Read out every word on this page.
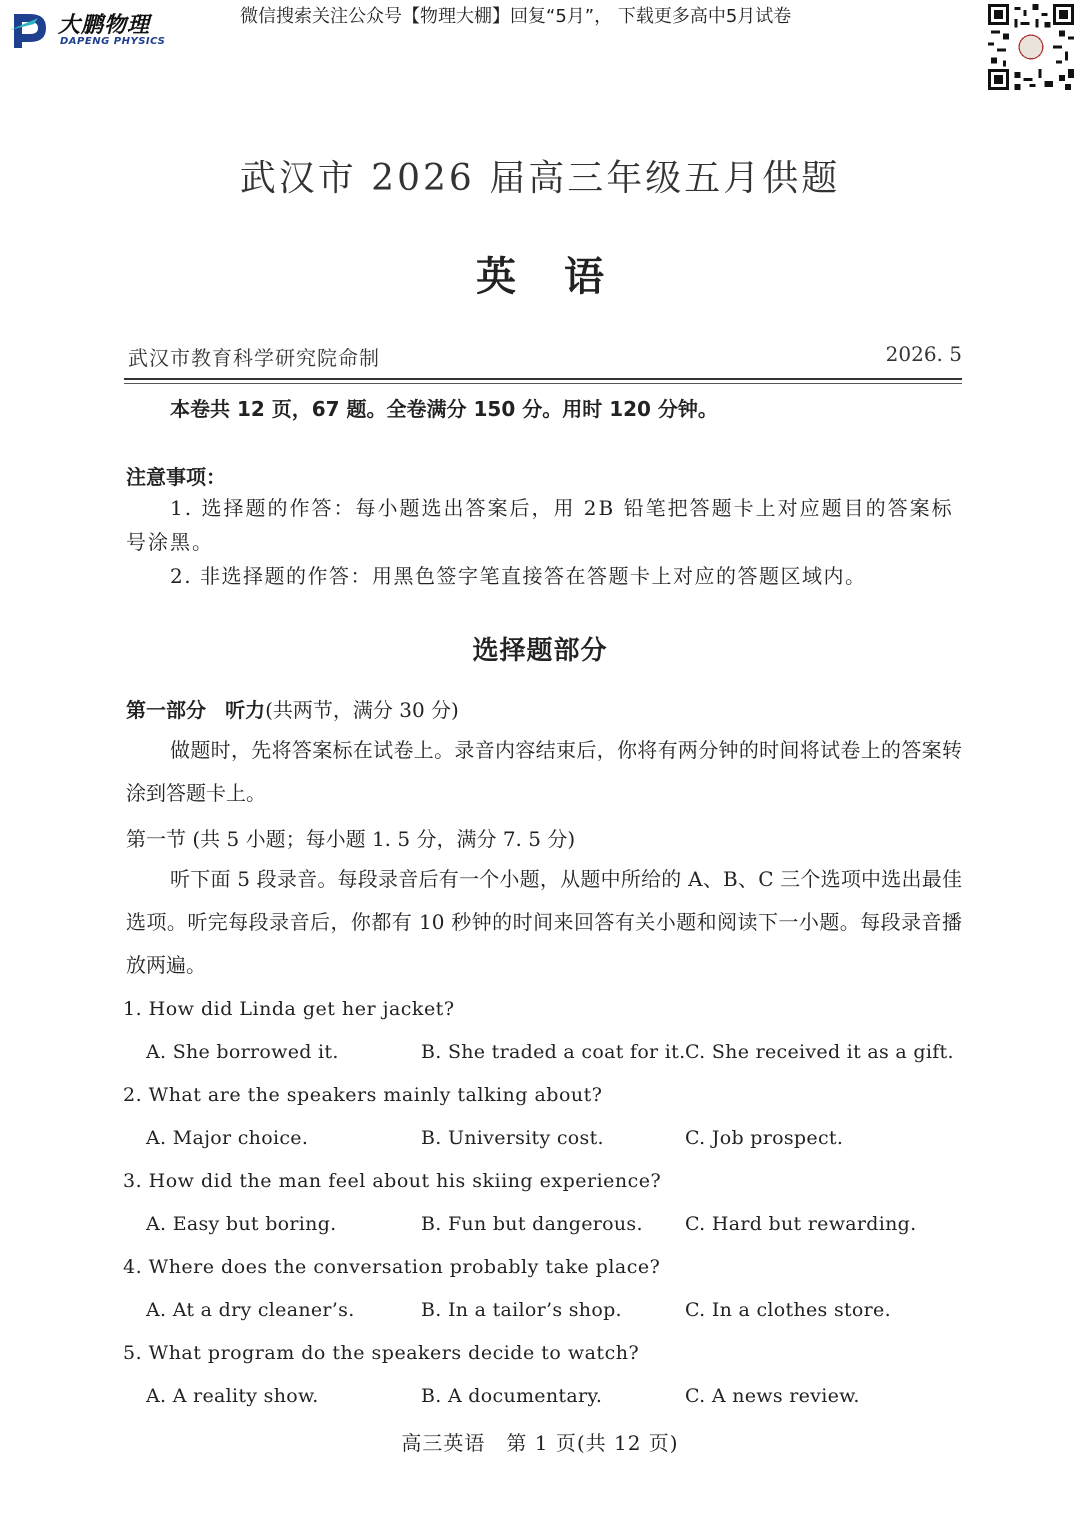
大鹏物理
DAPENG PHYSICS
微信搜索关注公众号【物理大棚】回复“5月”， 下载更多高中5月试卷
武汉市 2026 届高三年级五月供题
英语
武汉市教育科学研究院命制	2026. 5
本卷共 12 页，67 题。全卷满分 150 分。用时 120 分钟。
注意事项：
1. 选择题的作答：每小题选出答案后，用 2B 铅笔把答题卡上对应题目的答案标
号涂黑。
2. 非选择题的作答：用黑色签字笔直接答在答题卡上对应的答题区域内。
选择题部分
第一部分 听力(共两节，满分 30 分)
做题时，先将答案标在试卷上。录音内容结束后，你将有两分钟的时间将试卷上的答案转涂到答题卡上。
第一节 (共 5 小题；每小题 1. 5 分，满分 7. 5 分)
听下面 5 段录音。每段录音后有一个小题，从题中所给的 A、B、C 三个选项中选出最佳选项。听完每段录音后，你都有 10 秒钟的时间来回答有关小题和阅读下一小题。每段录音播放两遍。
1. How did Linda get her jacket?
A. She borrowed it.	B. She traded a coat for it. C. She received it as a gift.
2. What are the speakers mainly talking about?
A. Major choice.	B. University cost.	C. Job prospect.
3. How did the man feel about his skiing experience?
A. Easy but boring.	B. Fun but dangerous. C. Hard but rewarding.
4. Where does the conversation probably take place?
A. At a dry cleaner’s.	B. In a tailor’s shop.	C. In a clothes store.
5. What program do the speakers decide to watch?
A. A reality show.	B. A documentary.	C. A news review.
高三英语　第 1 页(共 12 页)
